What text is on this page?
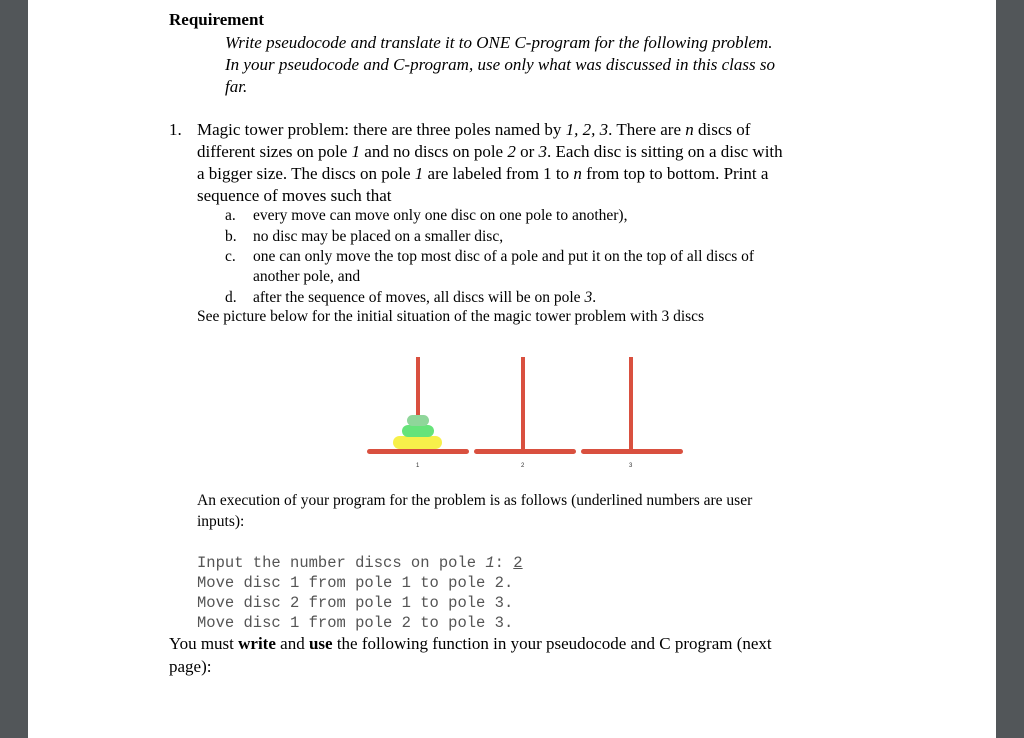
Requirement
Write pseudocode and translate it to ONE C-program for the following problem.
In your pseudocode and C-program, use only what was discussed in this class so
far.
1. Magic tower problem: there are three poles named by 1, 2, 3. There are n discs of
different sizes on pole 1 and no discs on pole 2 or 3. Each disc is sitting on a disc with
a bigger size. The discs on pole 1 are labeled from 1 to n from top to bottom. Print a
sequence of moves such that
a. every move can move only one disc on one pole to another),
b. no disc may be placed on a smaller disc,
c. one can only move the top most disc of a pole and put it on the top of all discs of
another pole, and
d. after the sequence of moves, all discs will be on pole 3.
See picture below for the initial situation of the magic tower problem with 3 discs
1	2	3
An execution of your program for the problem is as follows (underlined numbers are user
inputs):
Input the number discs on pole 1: 2
Move disc 1 from pole 1 to pole 2.
Move disc 2 from pole 1 to pole 3.
Move disc 1 from pole 2 to pole 3.
You must write and use the following function in your pseudocode and C program (next
page):
